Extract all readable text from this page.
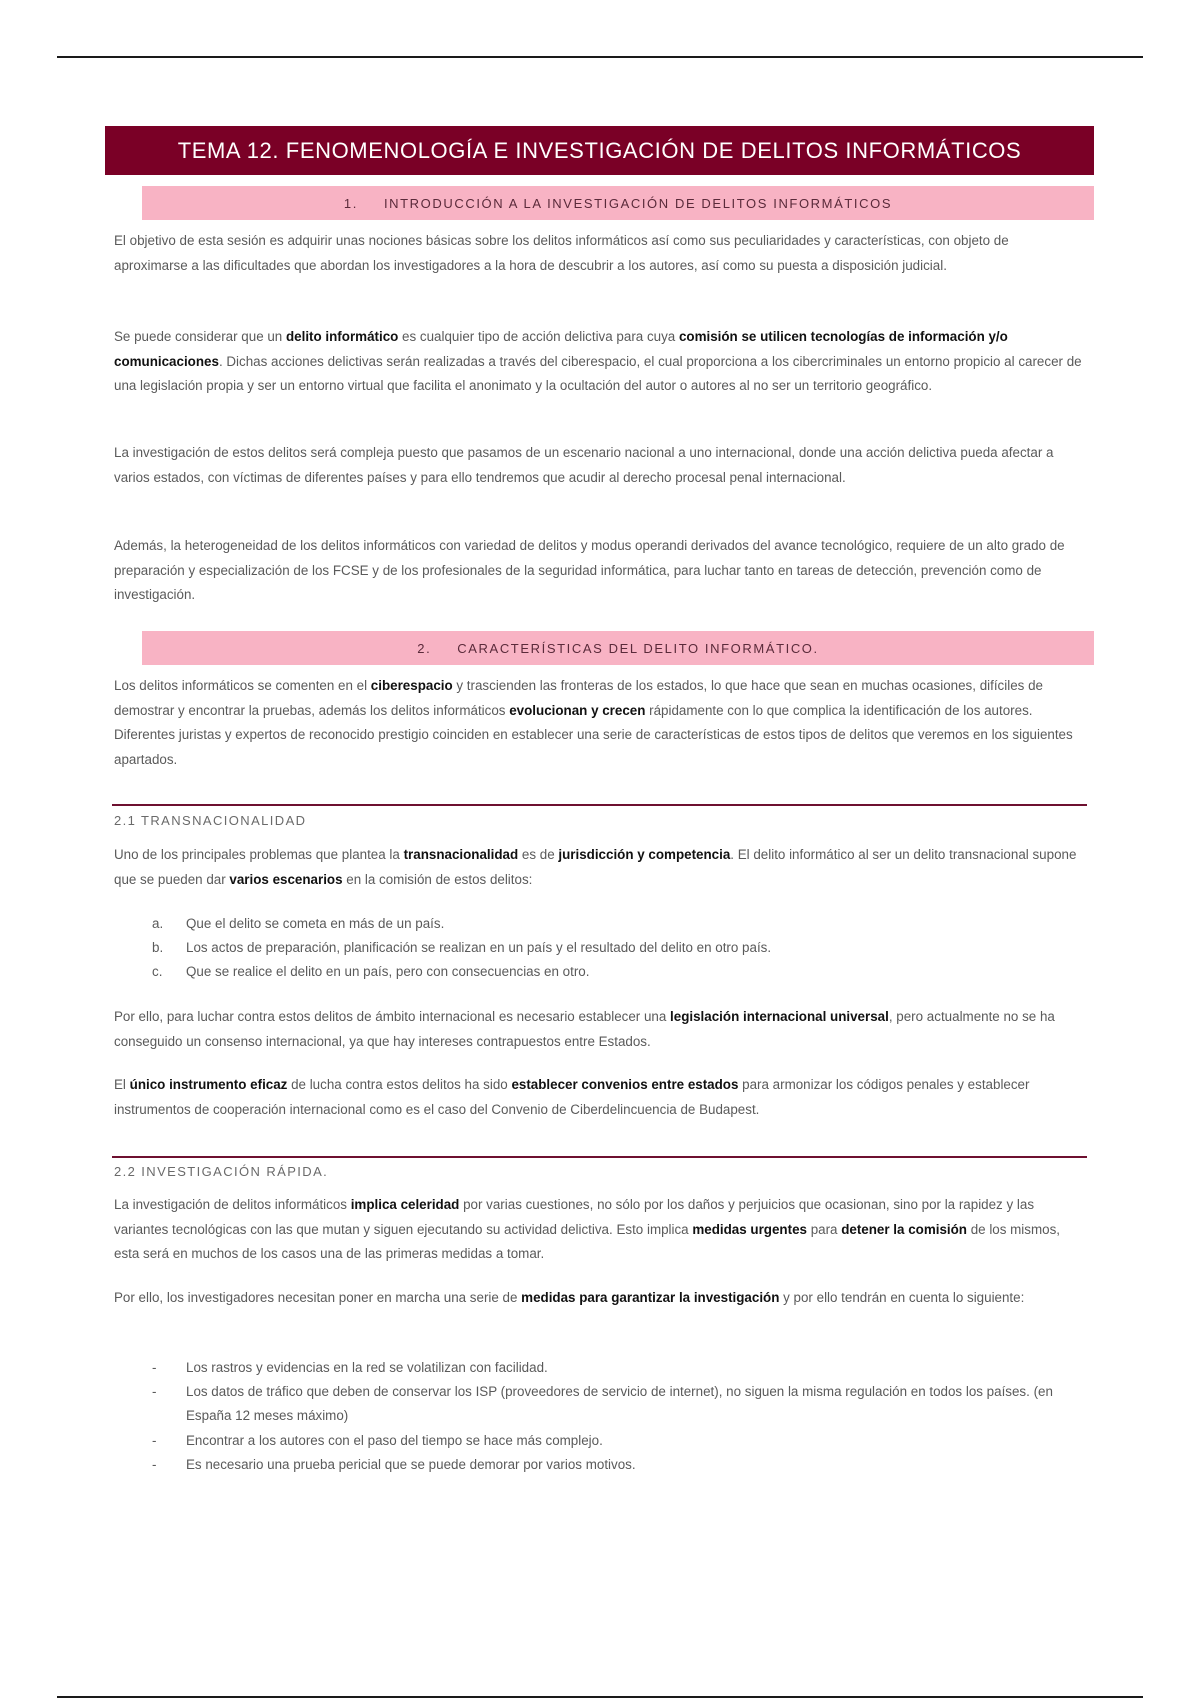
TEMA 12. FENOMENOLOGÍA E INVESTIGACIÓN DE DELITOS INFORMÁTICOS
1. INTRODUCCIÓN A LA INVESTIGACIÓN DE DELITOS INFORMÁTICOS

El objetivo de esta sesión es adquirir unas nociones básicas sobre los delitos informáticos así como sus peculiaridades y características, con objeto de aproximarse a las dificultades que abordan los investigadores a la hora de descubrir a los autores, así como su puesta a disposición judicial.

Se puede considerar que un delito informático es cualquier tipo de acción delictiva para cuya comisión se utilicen tecnologías de información y/o comunicaciones. Dichas acciones delictivas serán realizadas a través del ciberespacio, el cual proporciona a los cibercriminales un entorno propicio al carecer de una legislación propia y ser un entorno virtual que facilita el anonimato y la ocultación del autor o autores al no ser un territorio geográfico.

La investigación de estos delitos será compleja puesto que pasamos de un escenario nacional a uno internacional, donde una acción delictiva pueda afectar a varios estados, con víctimas de diferentes países y para ello tendremos que acudir al derecho procesal penal internacional.

Además, la heterogeneidad de los delitos informáticos con variedad de delitos y modus operandi derivados del avance tecnológico, requiere de un alto grado de preparación y especialización de los FCSE y de los profesionales de la seguridad informática, para luchar tanto en tareas de detección, prevención como de investigación.

2. CARACTERÍSTICAS DEL DELITO INFORMÁTICO.

Los delitos informáticos se comenten en el ciberespacio y trascienden las fronteras de los estados, lo que hace que sean en muchas ocasiones, difíciles de demostrar y encontrar la pruebas, además los delitos informáticos evolucionan y crecen rápidamente con lo que complica la identificación de los autores. Diferentes juristas y expertos de reconocido prestigio coinciden en establecer una serie de características de estos tipos de delitos que veremos en los siguientes apartados.

2.1 TRANSNACIONALIDAD

Uno de los principales problemas que plantea la transnacionalidad es de jurisdicción y competencia. El delito informático al ser un delito transnacional supone que se pueden dar varios escenarios en la comisión de estos delitos:

a. Que el delito se cometa en más de un país.
b. Los actos de preparación, planificación se realizan en un país y el resultado del delito en otro país.
c. Que se realice el delito en un país, pero con consecuencias en otro.

Por ello, para luchar contra estos delitos de ámbito internacional es necesario establecer una legislación internacional universal, pero actualmente no se ha conseguido un consenso internacional, ya que hay intereses contrapuestos entre Estados.

El único instrumento eficaz de lucha contra estos delitos ha sido establecer convenios entre estados para armonizar los códigos penales y establecer instrumentos de cooperación internacional como es el caso del Convenio de Ciberdelincuencia de Budapest.

2.2 INVESTIGACIÓN RÁPIDA.

La investigación de delitos informáticos implica celeridad por varias cuestiones, no sólo por los daños y perjuicios que ocasionan, sino por la rapidez y las variantes tecnológicas con las que mutan y siguen ejecutando su actividad delictiva. Esto implica medidas urgentes para detener la comisión de los mismos, esta será en muchos de los casos una de las primeras medidas a tomar.

Por ello, los investigadores necesitan poner en marcha una serie de medidas para garantizar la investigación y por ello tendrán en cuenta lo siguiente:

- Los rastros y evidencias en la red se volatilizan con facilidad.
- Los datos de tráfico que deben de conservar los ISP (proveedores de servicio de internet), no siguen la misma regulación en todos los países. (en España 12 meses máximo)
- Encontrar a los autores con el paso del tiempo se hace más complejo.
- Es necesario una prueba pericial que se puede demorar por varios motivos.
